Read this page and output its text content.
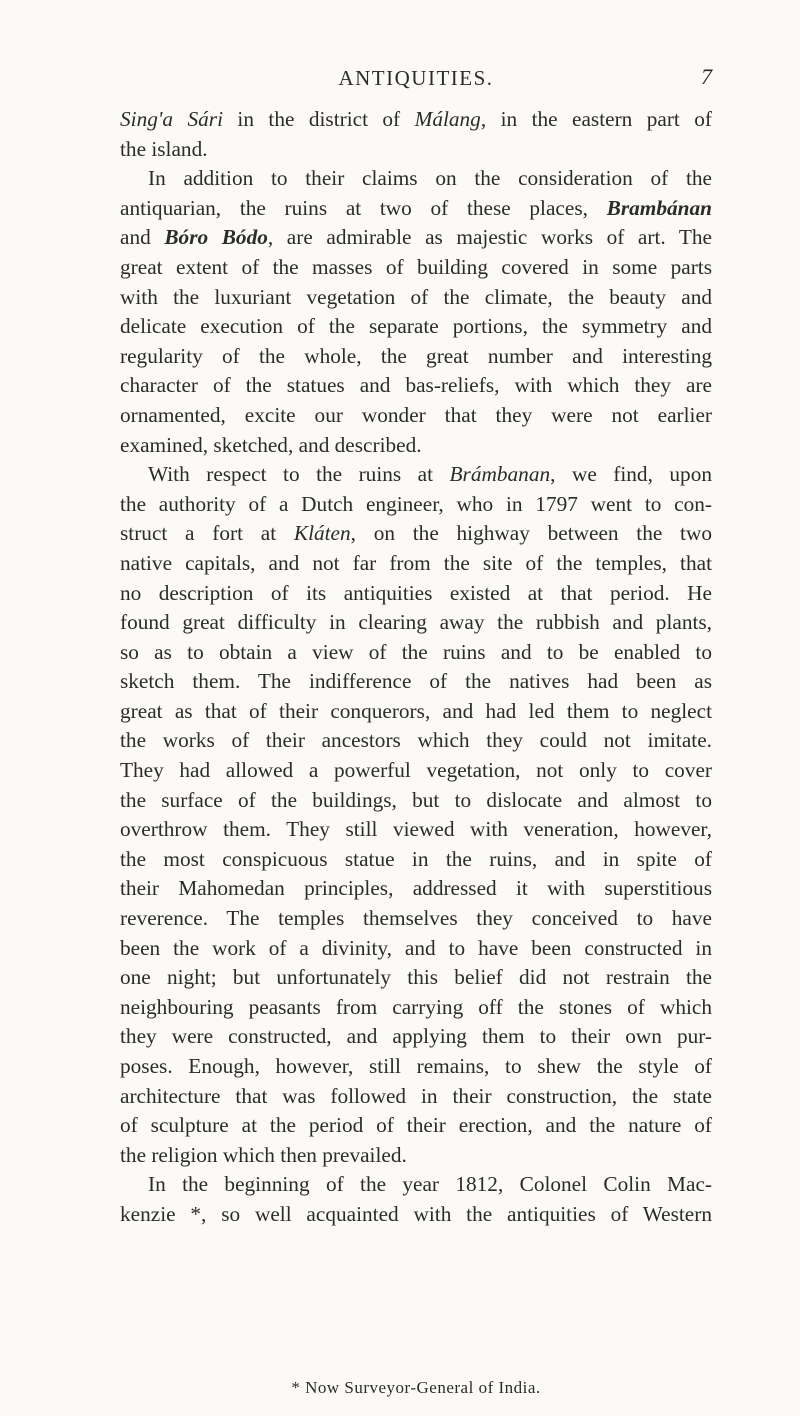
ANTIQUITIES.	7
Sing'a Sári in the district of Málang, in the eastern part of
the island.
In addition to their claims on the consideration of the
antiquarian, the ruins at two of these places, Brambánan
and Bóro Bódo, are admirable as majestic works of art. The
great extent of the masses of building covered in some parts
with the luxuriant vegetation of the climate, the beauty and
delicate execution of the separate portions, the symmetry and
regularity of the whole, the great number and interesting
character of the statues and bas-reliefs, with which they are
ornamented, excite our wonder that they were not earlier
examined, sketched, and described.
With respect to the ruins at Brámbanan, we find, upon
the authority of a Dutch engineer, who in 1797 went to con-
struct a fort at Kláten, on the highway between the two
native capitals, and not far from the site of the temples, that
no description of its antiquities existed at that period. He
found great difficulty in clearing away the rubbish and plants,
so as to obtain a view of the ruins and to be enabled to
sketch them. The indifference of the natives had been as
great as that of their conquerors, and had led them to neglect
the works of their ancestors which they could not imitate.
They had allowed a powerful vegetation, not only to cover
the surface of the buildings, but to dislocate and almost to
overthrow them. They still viewed with veneration, however,
the most conspicuous statue in the ruins, and in spite of
their Mahomedan principles, addressed it with superstitious
reverence. The temples themselves they conceived to have
been the work of a divinity, and to have been constructed in
one night; but unfortunately this belief did not restrain the
neighbouring peasants from carrying off the stones of which
they were constructed, and applying them to their own pur-
poses. Enough, however, still remains, to shew the style of
architecture that was followed in their construction, the state
of sculpture at the period of their erection, and the nature of
the religion which then prevailed.
In the beginning of the year 1812, Colonel Colin Mac-
kenzie *, so well acquainted with the antiquities of Western
* Now Surveyor-General of India.
